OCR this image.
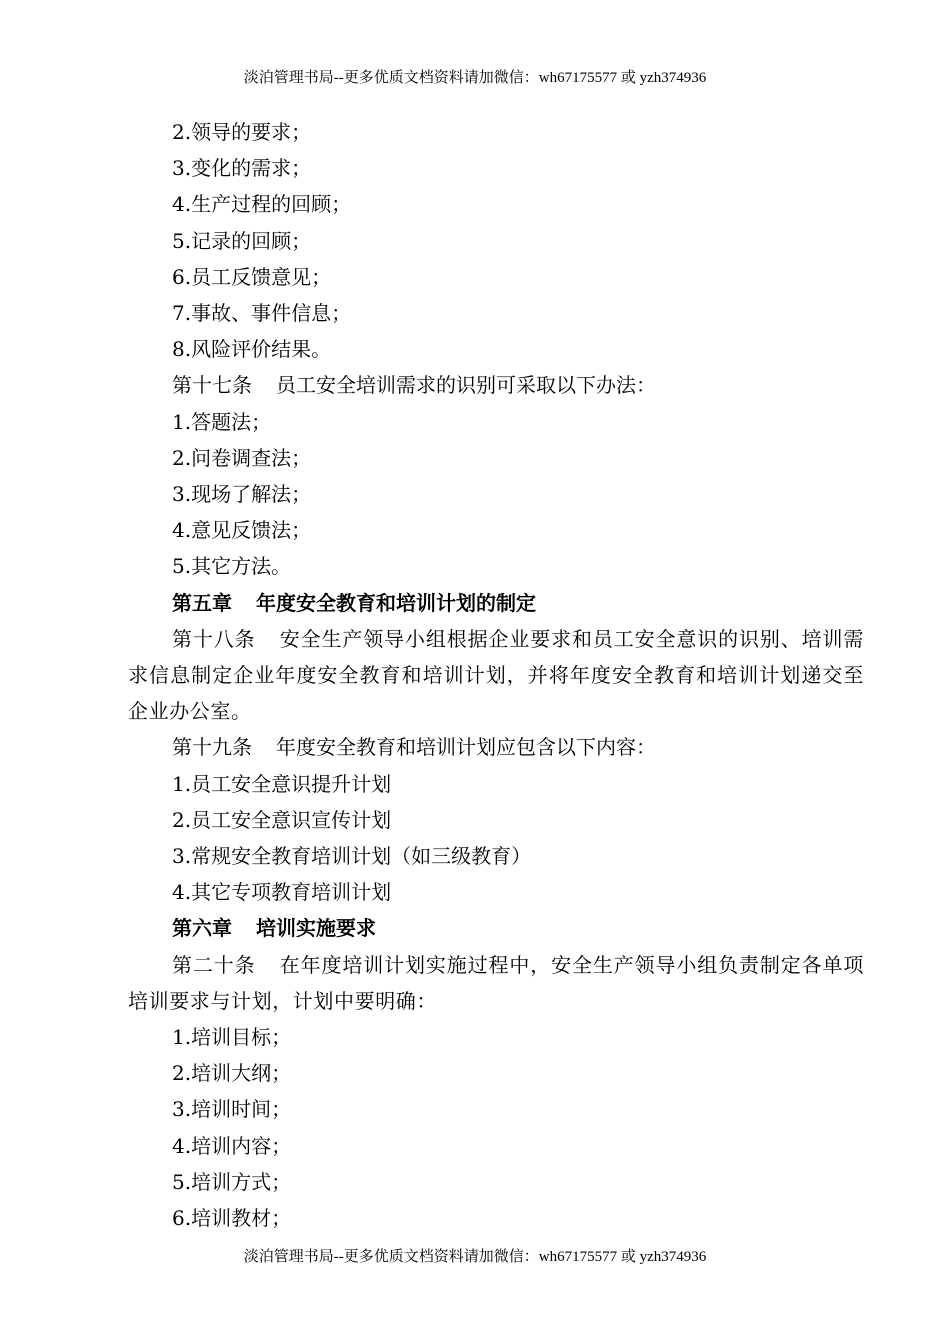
淡泊管理书局--更多优质文档资料请加微信：wh67175577 或 yzh374936
2.领导的要求；
3.变化的需求；
4.生产过程的回顾；
5.记录的回顾；
6.员工反馈意见；
7.事故、事件信息；
8.风险评价结果。
第十七条 员工安全培训需求的识别可采取以下办法：
1.答题法；
2.问卷调查法；
3.现场了解法；
4.意见反馈法；
5.其它方法。
第五章 年度安全教育和培训计划的制定
第十八条 安全生产领导小组根据企业要求和员工安全意识的识别、培训需求信息制定企业年度安全教育和培训计划，并将年度安全教育和培训计划递交至企业办公室。
第十九条 年度安全教育和培训计划应包含以下内容：
1.员工安全意识提升计划
2.员工安全意识宣传计划
3.常规安全教育培训计划（如三级教育）
4.其它专项教育培训计划
第六章 培训实施要求
第二十条 在年度培训计划实施过程中，安全生产领导小组负责制定各单项培训要求与计划，计划中要明确：
1.培训目标；
2.培训大纲；
3.培训时间；
4.培训内容；
5.培训方式；
6.培训教材；
淡泊管理书局--更多优质文档资料请加微信：wh67175577 或 yzh374936
